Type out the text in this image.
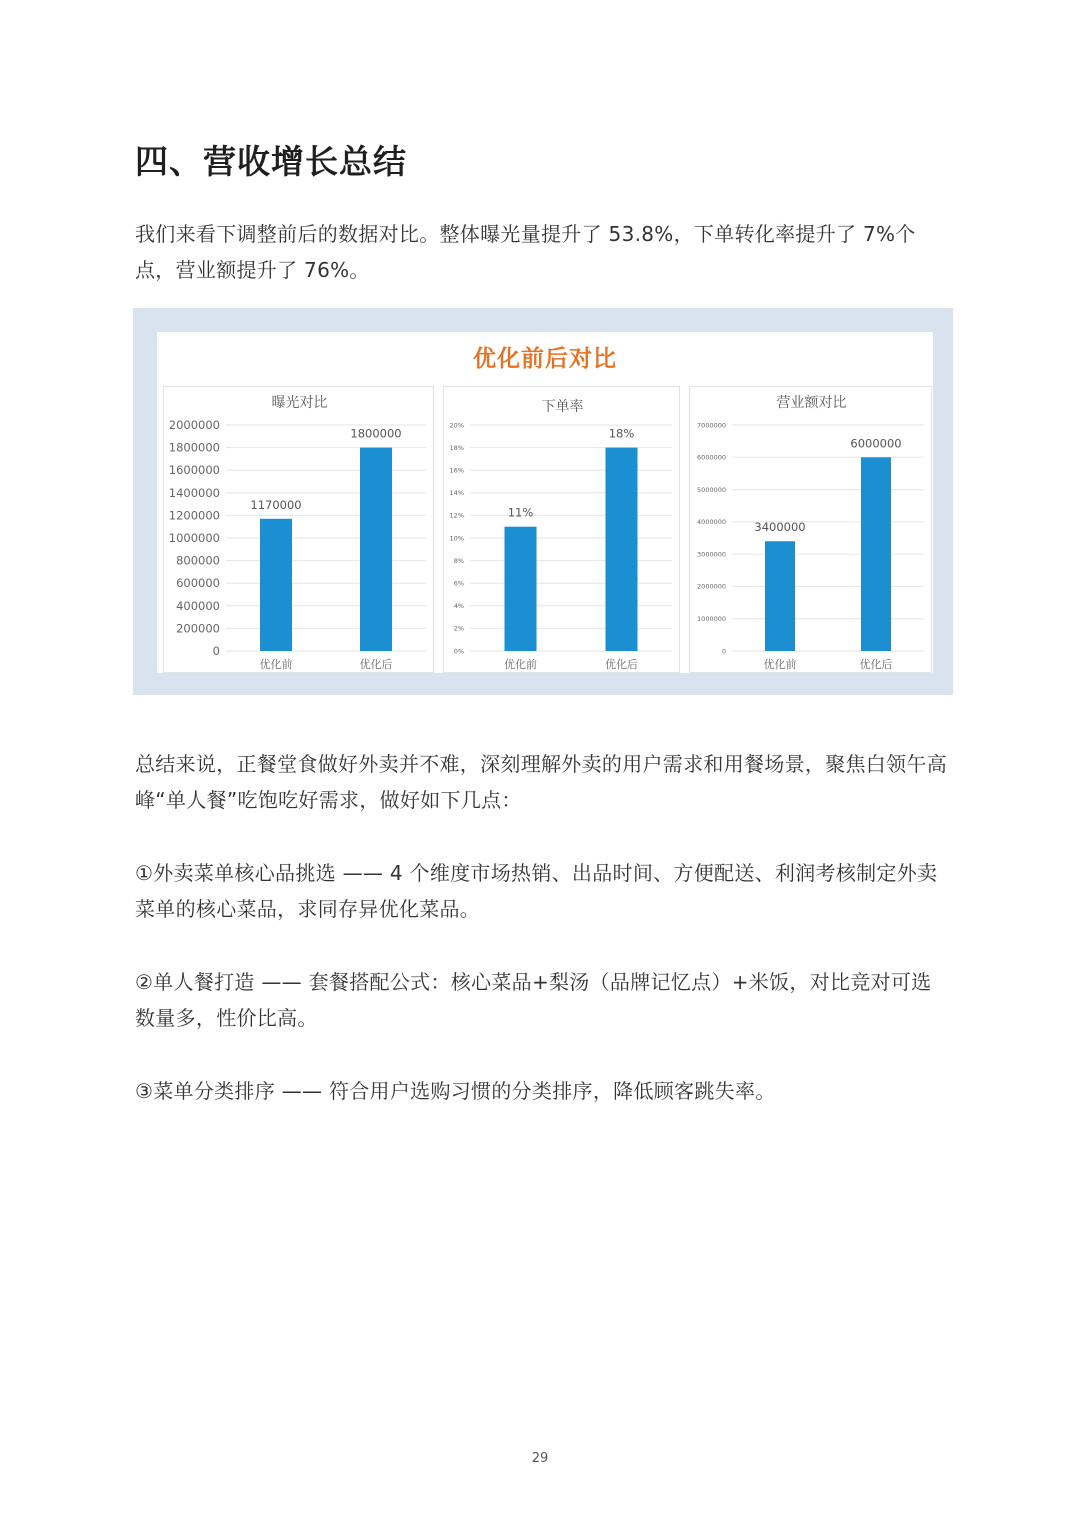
四、营收增长总结

我们来看下调整前后的数据对比。整体曝光量提升了 53.8%，下单转化率提升了 7%个点，营业额提升了 76%。

优化前后对比
曝光对比
0
200000
400000
600000
800000
1000000
1200000
1400000
1600000
1800000
2000000
1170000
优化前
1800000
优化后
下单率
0%
2%
4%
6%
8%
10%
12%
14%
16%
18%
20%
11%
优化前
18%
优化后
营业额对比
0
1000000
2000000
3000000
4000000
5000000
6000000
7000000
3400000
优化前
6000000
优化后

总结来说，正餐堂食做好外卖并不难，深刻理解外卖的用户需求和用餐场景，聚焦白领午高峰“单人餐”吃饱吃好需求，做好如下几点：

①外卖菜单核心品挑选 —— 4 个维度市场热销、出品时间、方便配送、利润考核制定外卖菜单的核心菜品，求同存异优化菜品。

②单人餐打造 —— 套餐搭配公式：核心菜品+梨汤（品牌记忆点）+米饭，对比竞对可选数量多，性价比高。

③菜单分类排序 —— 符合用户选购习惯的分类排序，降低顾客跳失率。

29
